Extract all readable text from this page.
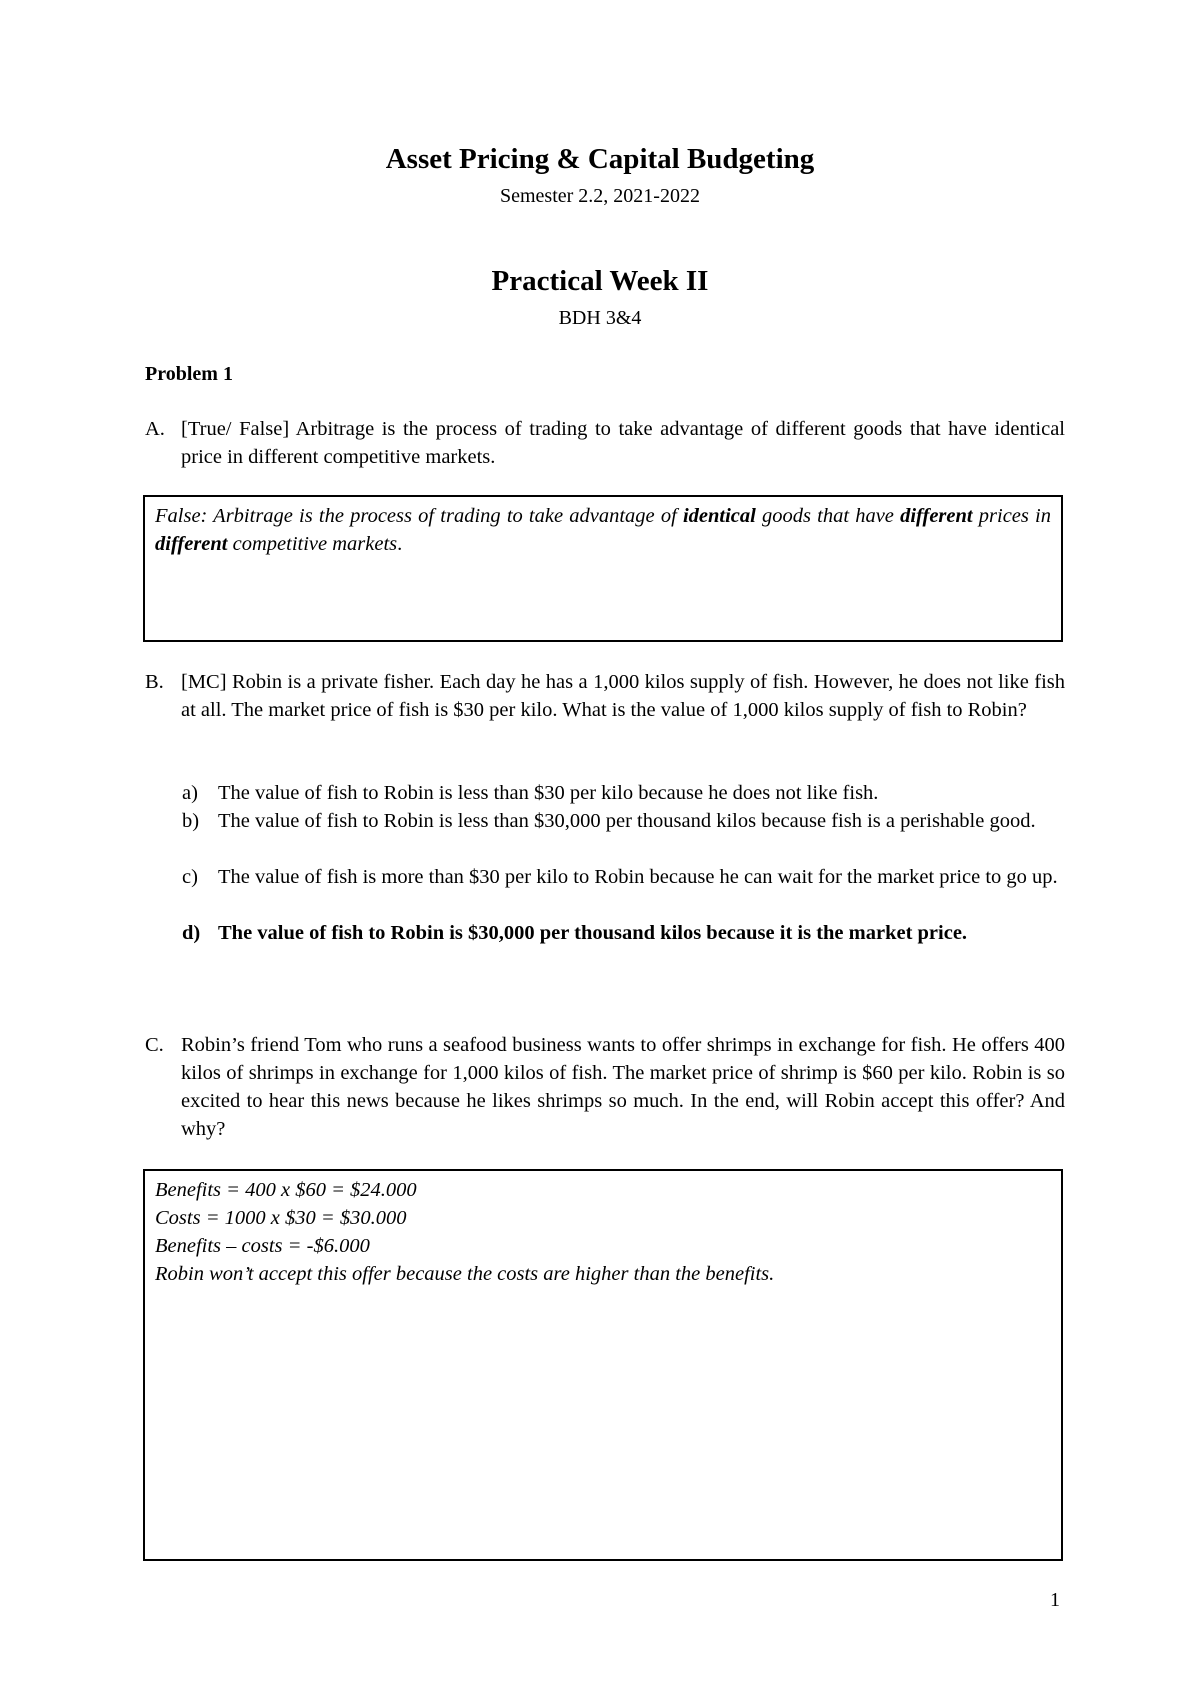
Asset Pricing & Capital Budgeting
Semester 2.2, 2021-2022
Practical Week II
BDH 3&4
Problem 1
A. [True/ False] Arbitrage is the process of trading to take advantage of different goods that have identical price in different competitive markets.

False: Arbitrage is the process of trading to take advantage of identical goods that have different prices in different competitive markets.

B. [MC] Robin is a private fisher. Each day he has a 1,000 kilos supply of fish. However, he does not like fish at all. The market price of fish is $30 per kilo. What is the value of 1,000 kilos supply of fish to Robin?
a) The value of fish to Robin is less than $30 per kilo because he does not like fish.
b) The value of fish to Robin is less than $30,000 per thousand kilos because fish is a perishable good.
c) The value of fish is more than $30 per kilo to Robin because he can wait for the market price to go up.
d) The value of fish to Robin is $30,000 per thousand kilos because it is the market price.
C. Robin’s friend Tom who runs a seafood business wants to offer shrimps in exchange for fish. He offers 400 kilos of shrimps in exchange for 1,000 kilos of fish. The market price of shrimp is $60 per kilo. Robin is so excited to hear this news because he likes shrimps so much. In the end, will Robin accept this offer? And why?

Benefits = 400 x $60 = $24.000

Costs = 1000 x $30 = $30.000

Benefits – costs = -$6.000

Robin won’t accept this offer because the costs are higher than the benefits.

1
